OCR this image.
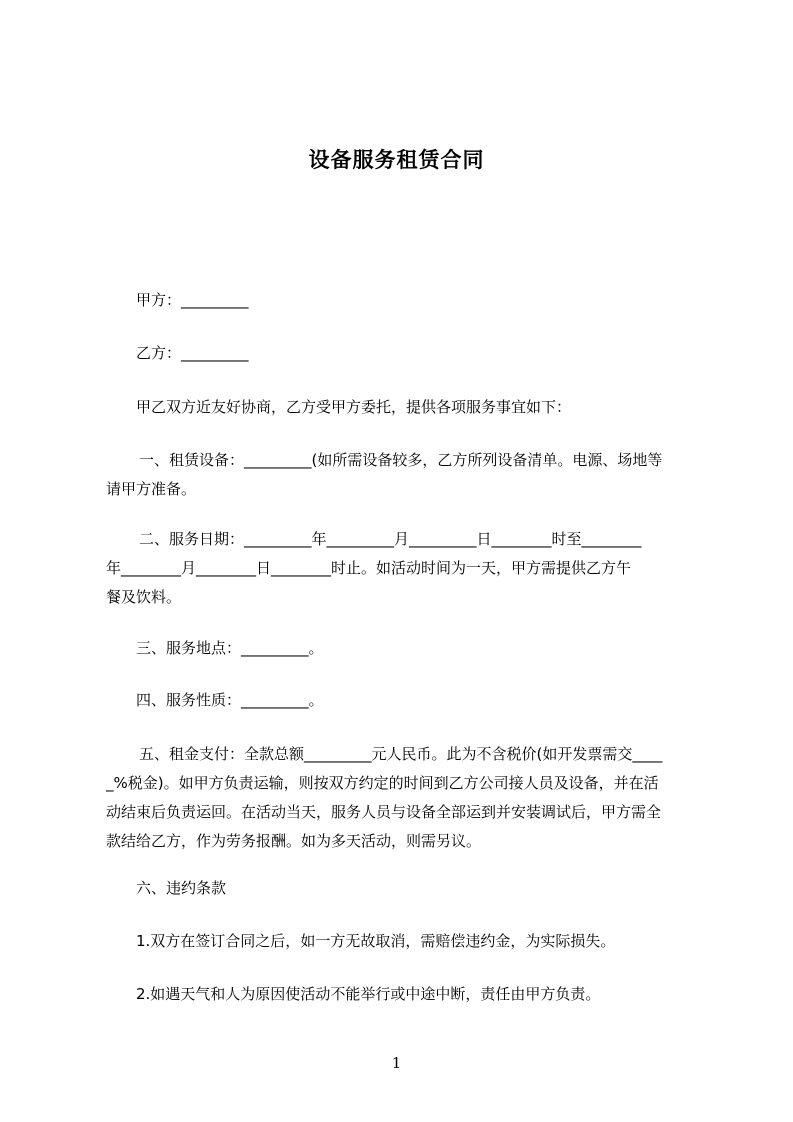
设备服务租赁合同
甲方：_________
乙方：_________
甲乙双方近友好协商，乙方受甲方委托，提供各项服务事宜如下：
一、租赁设备：_________(如所需设备较多，乙方所列设备清单。电源、场地等
请甲方准备。
二、服务日期：_________年_________月_________日________时至________
年________月________日________时止。如活动时间为一天，甲方需提供乙方午
餐及饮料。
三、服务地点：_________。
四、服务性质：_________。
五、租金支付：全款总额_________元人民币。此为不含税价(如开发票需交____
_%税金)。如甲方负责运输，则按双方约定的时间到乙方公司接人员及设备，并在活
动结束后负责运回。在活动当天，服务人员与设备全部运到并安装调试后，甲方需全
款结给乙方，作为劳务报酬。如为多天活动，则需另议。
六、违约条款
1.双方在签订合同之后，如一方无故取消，需赔偿违约金，为实际损失。
2.如遇天气和人为原因使活动不能举行或中途中断，责任由甲方负责。
1
